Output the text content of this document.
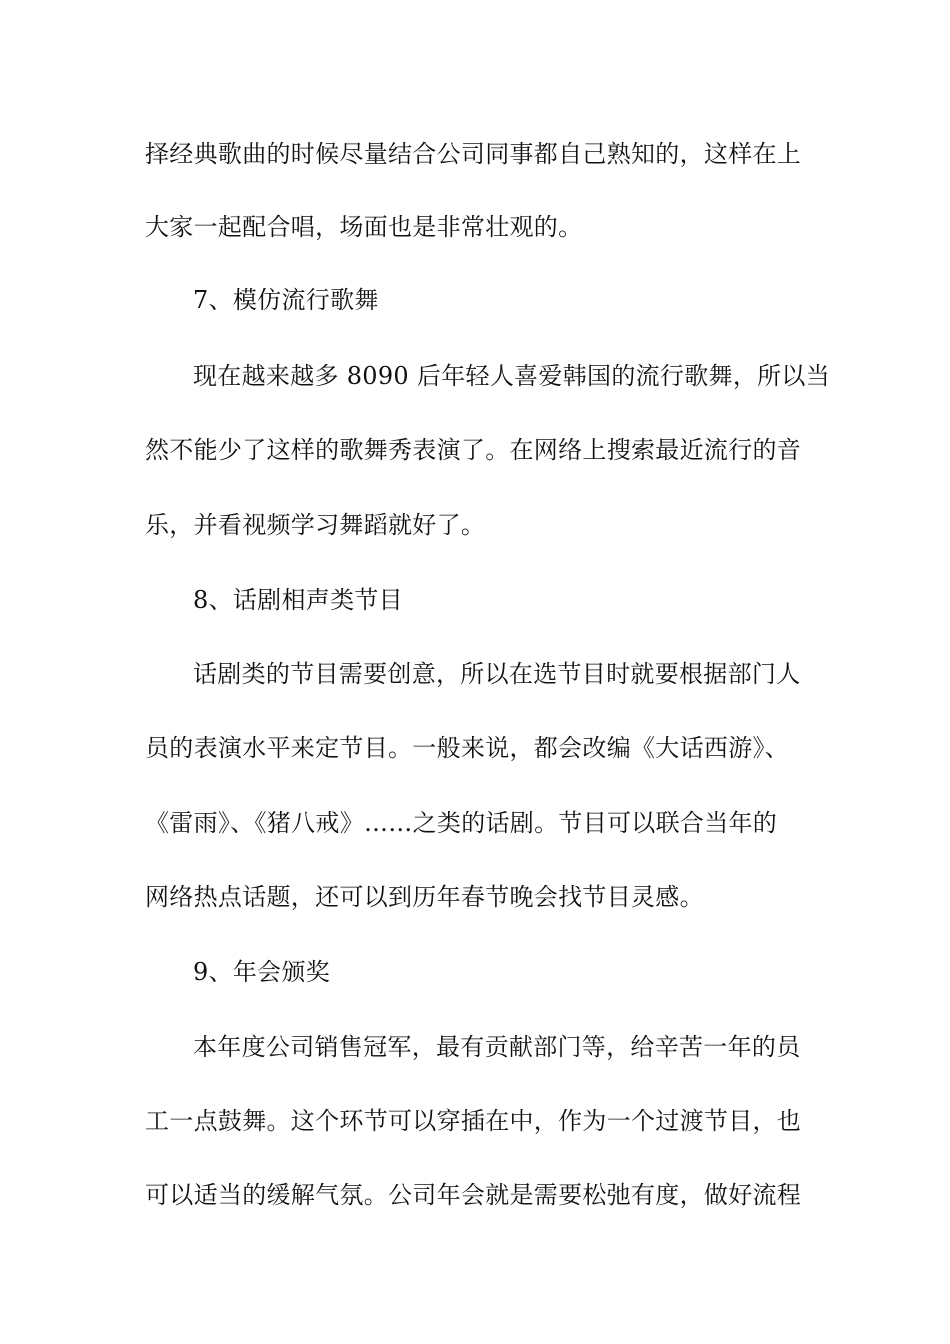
择经典歌曲的时候尽量结合公司同事都自己熟知的，这样在上
大家一起配合唱，场面也是非常壮观的。
7、模仿流行歌舞
现在越来越多 8090 后年轻人喜爱韩国的流行歌舞，所以当
然不能少了这样的歌舞秀表演了。在网络上搜索最近流行的音
乐，并看视频学习舞蹈就好了。
8、话剧相声类节目
话剧类的节目需要创意，所以在选节目时就要根据部门人
员的表演水平来定节目。一般来说，都会改编《大话西游》、
《雷雨》、《猪八戒》……之类的话剧。节目可以联合当年的
网络热点话题，还可以到历年春节晚会找节目灵感。
9、年会颁奖
本年度公司销售冠军，最有贡献部门等，给辛苦一年的员
工一点鼓舞。这个环节可以穿插在中，作为一个过渡节目，也
可以适当的缓解气氛。公司年会就是需要松弛有度，做好流程
